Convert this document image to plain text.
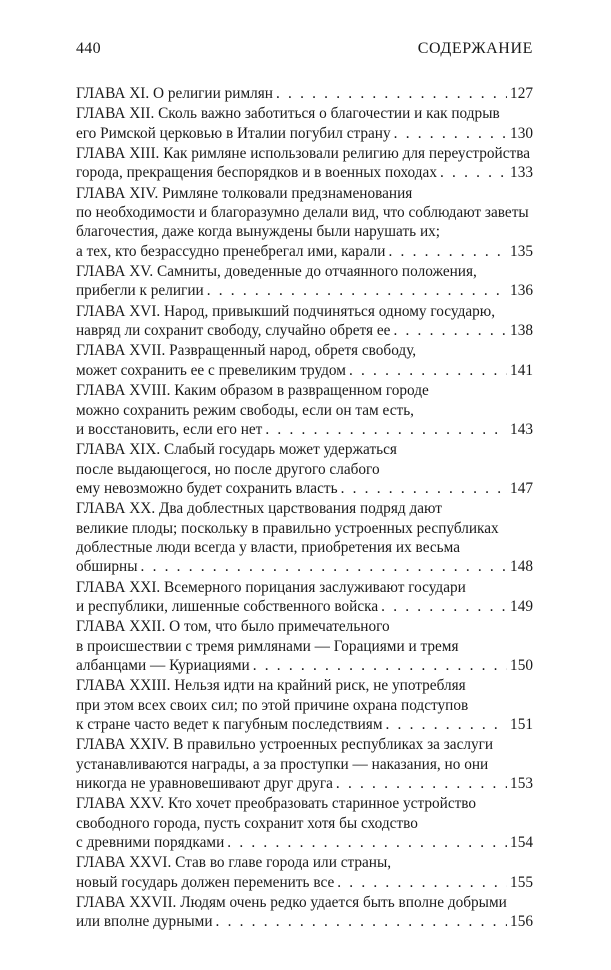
440	СОДЕРЖАНИЕ
ГЛАВА XI. О религии римлян . . .	127
ГЛАВА XII. Сколь важно заботиться о благочестии и как подрыв
его Римской церковью в Италии погубил страну . . .	130
ГЛАВА XIII. Как римляне использовали религию для переустройства
города, прекращения беспорядков и в военных походах . . .	133
ГЛАВА XIV. Римляне толковали предзнаменования
по необходимости и благоразумно делали вид, что соблюдают заветы
благочестия, даже когда вынуждены были нарушать их;
а тех, кто безрассудно пренебрегал ими, карали . . .	135
ГЛАВА XV. Самниты, доведенные до отчаянного положения,
прибегли к религии . . .	136
ГЛАВА XVI. Народ, привыкший подчиняться одному государю,
навряд ли сохранит свободу, случайно обретя ее . . .	138
ГЛАВА XVII. Развращенный народ, обретя свободу,
может сохранить ее с превеликим трудом . . .	141
ГЛАВА XVIII. Каким образом в развращенном городе
можно сохранить режим свободы, если он там есть,
и восстановить, если его нет . . .	143
ГЛАВА XIX. Слабый государь может удержаться
после выдающегося, но после другого слабого
ему невозможно будет сохранить власть . . .	147
ГЛАВА XX. Два доблестных царствования подряд дают
великие плоды; поскольку в правильно устроенных республиках
доблестные люди всегда у власти, приобретения их весьма
обширны . . .	148
ГЛАВА XXI. Всемерного порицания заслуживают государи
и республики, лишенные собственного войска . . .	149
ГЛАВА XXII. О том, что было примечательного
в происшествии с тремя римлянами — Горациями и тремя
албанцами — Куриациями . . .	150
ГЛАВА XXIII. Нельзя идти на крайний риск, не употребляя
при этом всех своих сил; по этой причине охрана подступов
к стране часто ведет к пагубным последствиям . . .	151
ГЛАВА XXIV. В правильно устроенных республиках за заслуги
устанавливаются награды, а за проступки — наказания, но они
никогда не уравновешивают друг друга . . .	153
ГЛАВА XXV. Кто хочет преобразовать старинное устройство
свободного города, пусть сохранит хотя бы сходство
с древними порядками . . .	154
ГЛАВА XXVI. Став во главе города или страны,
новый государь должен переменить все . . .	155
ГЛАВА XXVII. Людям очень редко удается быть вполне добрыми
или вполне дурными . . .	156
